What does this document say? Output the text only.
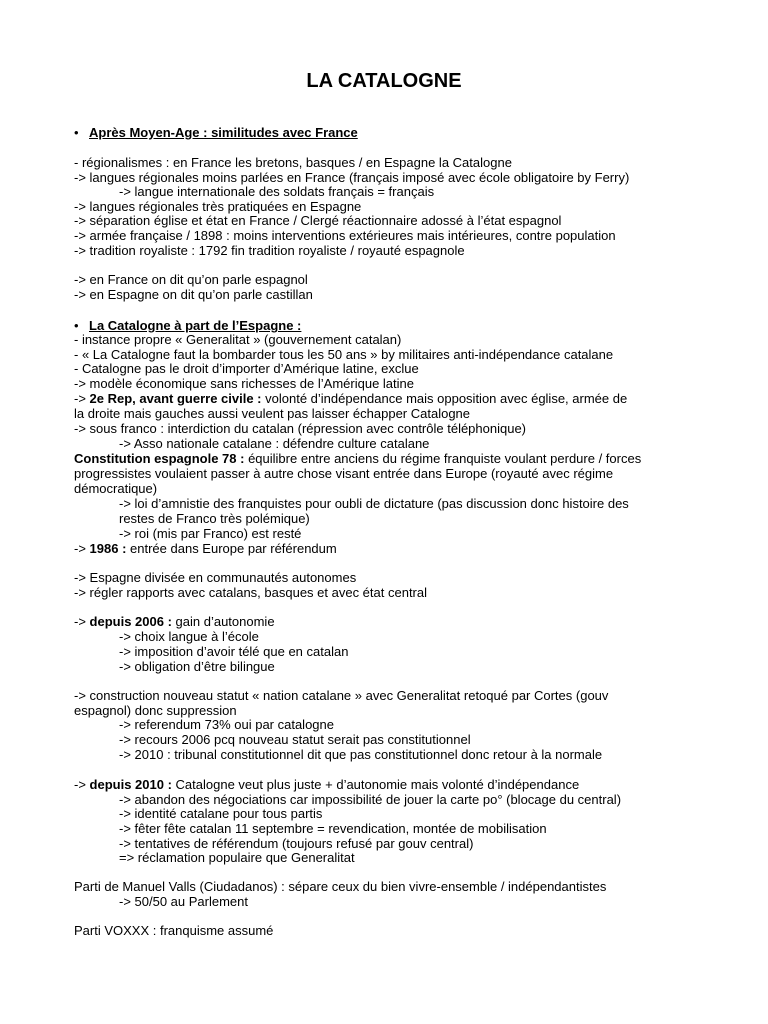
LA CATALOGNE
• Après Moyen-Age : similitudes avec France
- régionalismes : en France les bretons, basques / en Espagne la Catalogne
-> langues régionales moins parlées en France (français imposé avec école obligatoire by Ferry)
-> langue internationale des soldats français = français
-> langues régionales très pratiquées en Espagne
-> séparation église et état en France / Clergé réactionnaire adossé à l’état espagnol
-> armée française / 1898 : moins interventions extérieures mais intérieures, contre population
-> tradition royaliste : 1792 fin tradition royaliste / royauté espagnole
-> en France on dit qu’on parle espagnol
-> en Espagne on dit qu’on parle castillan
• La Catalogne à part de l’Espagne :
- instance propre « Generalitat » (gouvernement catalan)
- « La Catalogne faut la bombarder tous les 50 ans » by militaires anti-indépendance catalane
- Catalogne pas le droit d’importer d’Amérique latine, exclue
-> modèle économique sans richesses de l’Amérique latine
-> 2e Rep, avant guerre civile : volonté d’indépendance mais opposition avec église, armée de
la droite mais gauches aussi veulent pas laisser échapper Catalogne
-> sous franco : interdiction du catalan (répression avec contrôle téléphonique)
-> Asso nationale catalane : défendre culture catalane
Constitution espagnole 78 : équilibre entre anciens du régime franquiste voulant perdure / forces
progressistes voulaient passer à autre chose visant entrée dans Europe (royauté avec régime
démocratique)
-> loi d’amnistie des franquistes pour oubli de dictature (pas discussion donc histoire des
restes de Franco très polémique)
-> roi (mis par Franco) est resté
-> 1986 : entrée dans Europe par référendum
-> Espagne divisée en communautés autonomes
-> régler rapports avec catalans, basques et avec état central
-> depuis 2006 : gain d’autonomie
-> choix langue à l’école
-> imposition d’avoir télé que en catalan
-> obligation d’être bilingue
-> construction nouveau statut « nation catalane » avec Generalitat retoqué par Cortes (gouv
espagnol) donc suppression
-> referendum 73% oui par catalogne
-> recours 2006 pcq nouveau statut serait pas constitutionnel
-> 2010 : tribunal constitutionnel dit que pas constitutionnel donc retour à la normale
-> depuis 2010 : Catalogne veut plus juste + d’autonomie mais volonté d’indépendance
-> abandon des négociations car impossibilité de jouer la carte po° (blocage du central)
-> identité catalane pour tous partis
-> fêter fête catalan 11 septembre = revendication, montée de mobilisation
-> tentatives de référendum (toujours refusé par gouv central)
=> réclamation populaire que Generalitat
Parti de Manuel Valls (Ciudadanos) : sépare ceux du bien vivre-ensemble / indépendantistes
-> 50/50 au Parlement
Parti VOXXX : franquisme assumé
